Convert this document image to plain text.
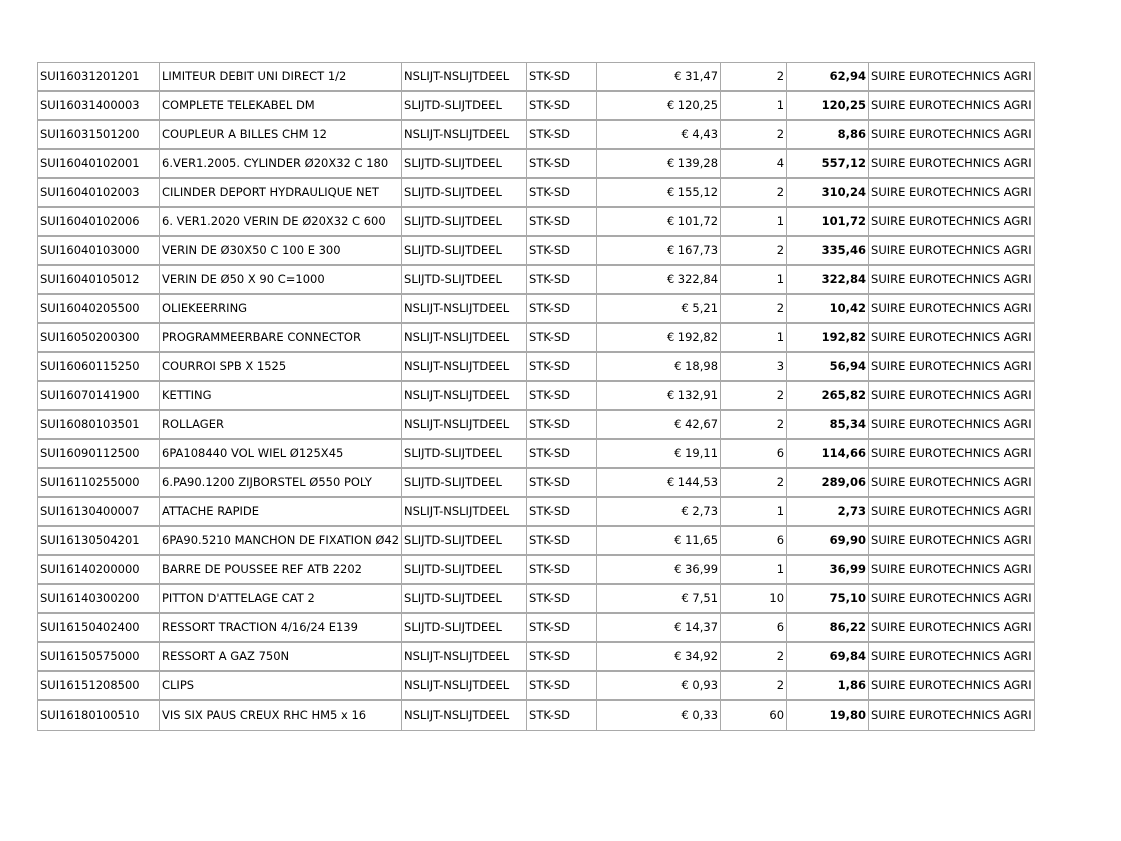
SUI16031201201	LIMITEUR DEBIT UNI DIRECT 1/2	NSLIJT-NSLIJTDEEL	STK-SD	€ 31,47	2	62,94	SUIRE EUROTECHNICS AGRI
SUI16031400003	COMPLETE TELEKABEL DM	SLIJTD-SLIJTDEEL	STK-SD	€ 120,25	1	120,25	SUIRE EUROTECHNICS AGRI
SUI16031501200	COUPLEUR A BILLES CHM 12	NSLIJT-NSLIJTDEEL	STK-SD	€ 4,43	2	8,86	SUIRE EUROTECHNICS AGRI
SUI16040102001	6.VER1.2005. CYLINDER Ø20X32 C 180	SLIJTD-SLIJTDEEL	STK-SD	€ 139,28	4	557,12	SUIRE EUROTECHNICS AGRI
SUI16040102003	CILINDER DEPORT HYDRAULIQUE NET	SLIJTD-SLIJTDEEL	STK-SD	€ 155,12	2	310,24	SUIRE EUROTECHNICS AGRI
SUI16040102006	6. VER1.2020 VERIN DE Ø20X32 C 600	SLIJTD-SLIJTDEEL	STK-SD	€ 101,72	1	101,72	SUIRE EUROTECHNICS AGRI
SUI16040103000	VERIN DE Ø30X50 C 100 E 300	SLIJTD-SLIJTDEEL	STK-SD	€ 167,73	2	335,46	SUIRE EUROTECHNICS AGRI
SUI16040105012	VERIN DE Ø50 X 90 C=1000	SLIJTD-SLIJTDEEL	STK-SD	€ 322,84	1	322,84	SUIRE EUROTECHNICS AGRI
SUI16040205500	OLIEKEERRING	NSLIJT-NSLIJTDEEL	STK-SD	€ 5,21	2	10,42	SUIRE EUROTECHNICS AGRI
SUI16050200300	PROGRAMMEERBARE CONNECTOR	NSLIJT-NSLIJTDEEL	STK-SD	€ 192,82	1	192,82	SUIRE EUROTECHNICS AGRI
SUI16060115250	COURROI SPB X 1525	NSLIJT-NSLIJTDEEL	STK-SD	€ 18,98	3	56,94	SUIRE EUROTECHNICS AGRI
SUI16070141900	KETTING	NSLIJT-NSLIJTDEEL	STK-SD	€ 132,91	2	265,82	SUIRE EUROTECHNICS AGRI
SUI16080103501	ROLLAGER	NSLIJT-NSLIJTDEEL	STK-SD	€ 42,67	2	85,34	SUIRE EUROTECHNICS AGRI
SUI16090112500	6PA108440 VOL WIEL Ø125X45	SLIJTD-SLIJTDEEL	STK-SD	€ 19,11	6	114,66	SUIRE EUROTECHNICS AGRI
SUI16110255000	6.PA90.1200 ZIJBORSTEL Ø550 POLY	SLIJTD-SLIJTDEEL	STK-SD	€ 144,53	2	289,06	SUIRE EUROTECHNICS AGRI
SUI16130400007	ATTACHE RAPIDE	NSLIJT-NSLIJTDEEL	STK-SD	€ 2,73	1	2,73	SUIRE EUROTECHNICS AGRI
SUI16130504201	6PA90.5210 MANCHON DE FIXATION Ø42	SLIJTD-SLIJTDEEL	STK-SD	€ 11,65	6	69,90	SUIRE EUROTECHNICS AGRI
SUI16140200000	BARRE DE POUSSEE REF ATB 2202	SLIJTD-SLIJTDEEL	STK-SD	€ 36,99	1	36,99	SUIRE EUROTECHNICS AGRI
SUI16140300200	PITTON D'ATTELAGE CAT 2	SLIJTD-SLIJTDEEL	STK-SD	€ 7,51	10	75,10	SUIRE EUROTECHNICS AGRI
SUI16150402400	RESSORT TRACTION 4/16/24 E139	SLIJTD-SLIJTDEEL	STK-SD	€ 14,37	6	86,22	SUIRE EUROTECHNICS AGRI
SUI16150575000	RESSORT A GAZ 750N	NSLIJT-NSLIJTDEEL	STK-SD	€ 34,92	2	69,84	SUIRE EUROTECHNICS AGRI
SUI16151208500	CLIPS	NSLIJT-NSLIJTDEEL	STK-SD	€ 0,93	2	1,86	SUIRE EUROTECHNICS AGRI
SUI16180100510	VIS SIX PAUS CREUX RHC HM5 x 16	NSLIJT-NSLIJTDEEL	STK-SD	€ 0,33	60	19,80	SUIRE EUROTECHNICS AGRI
